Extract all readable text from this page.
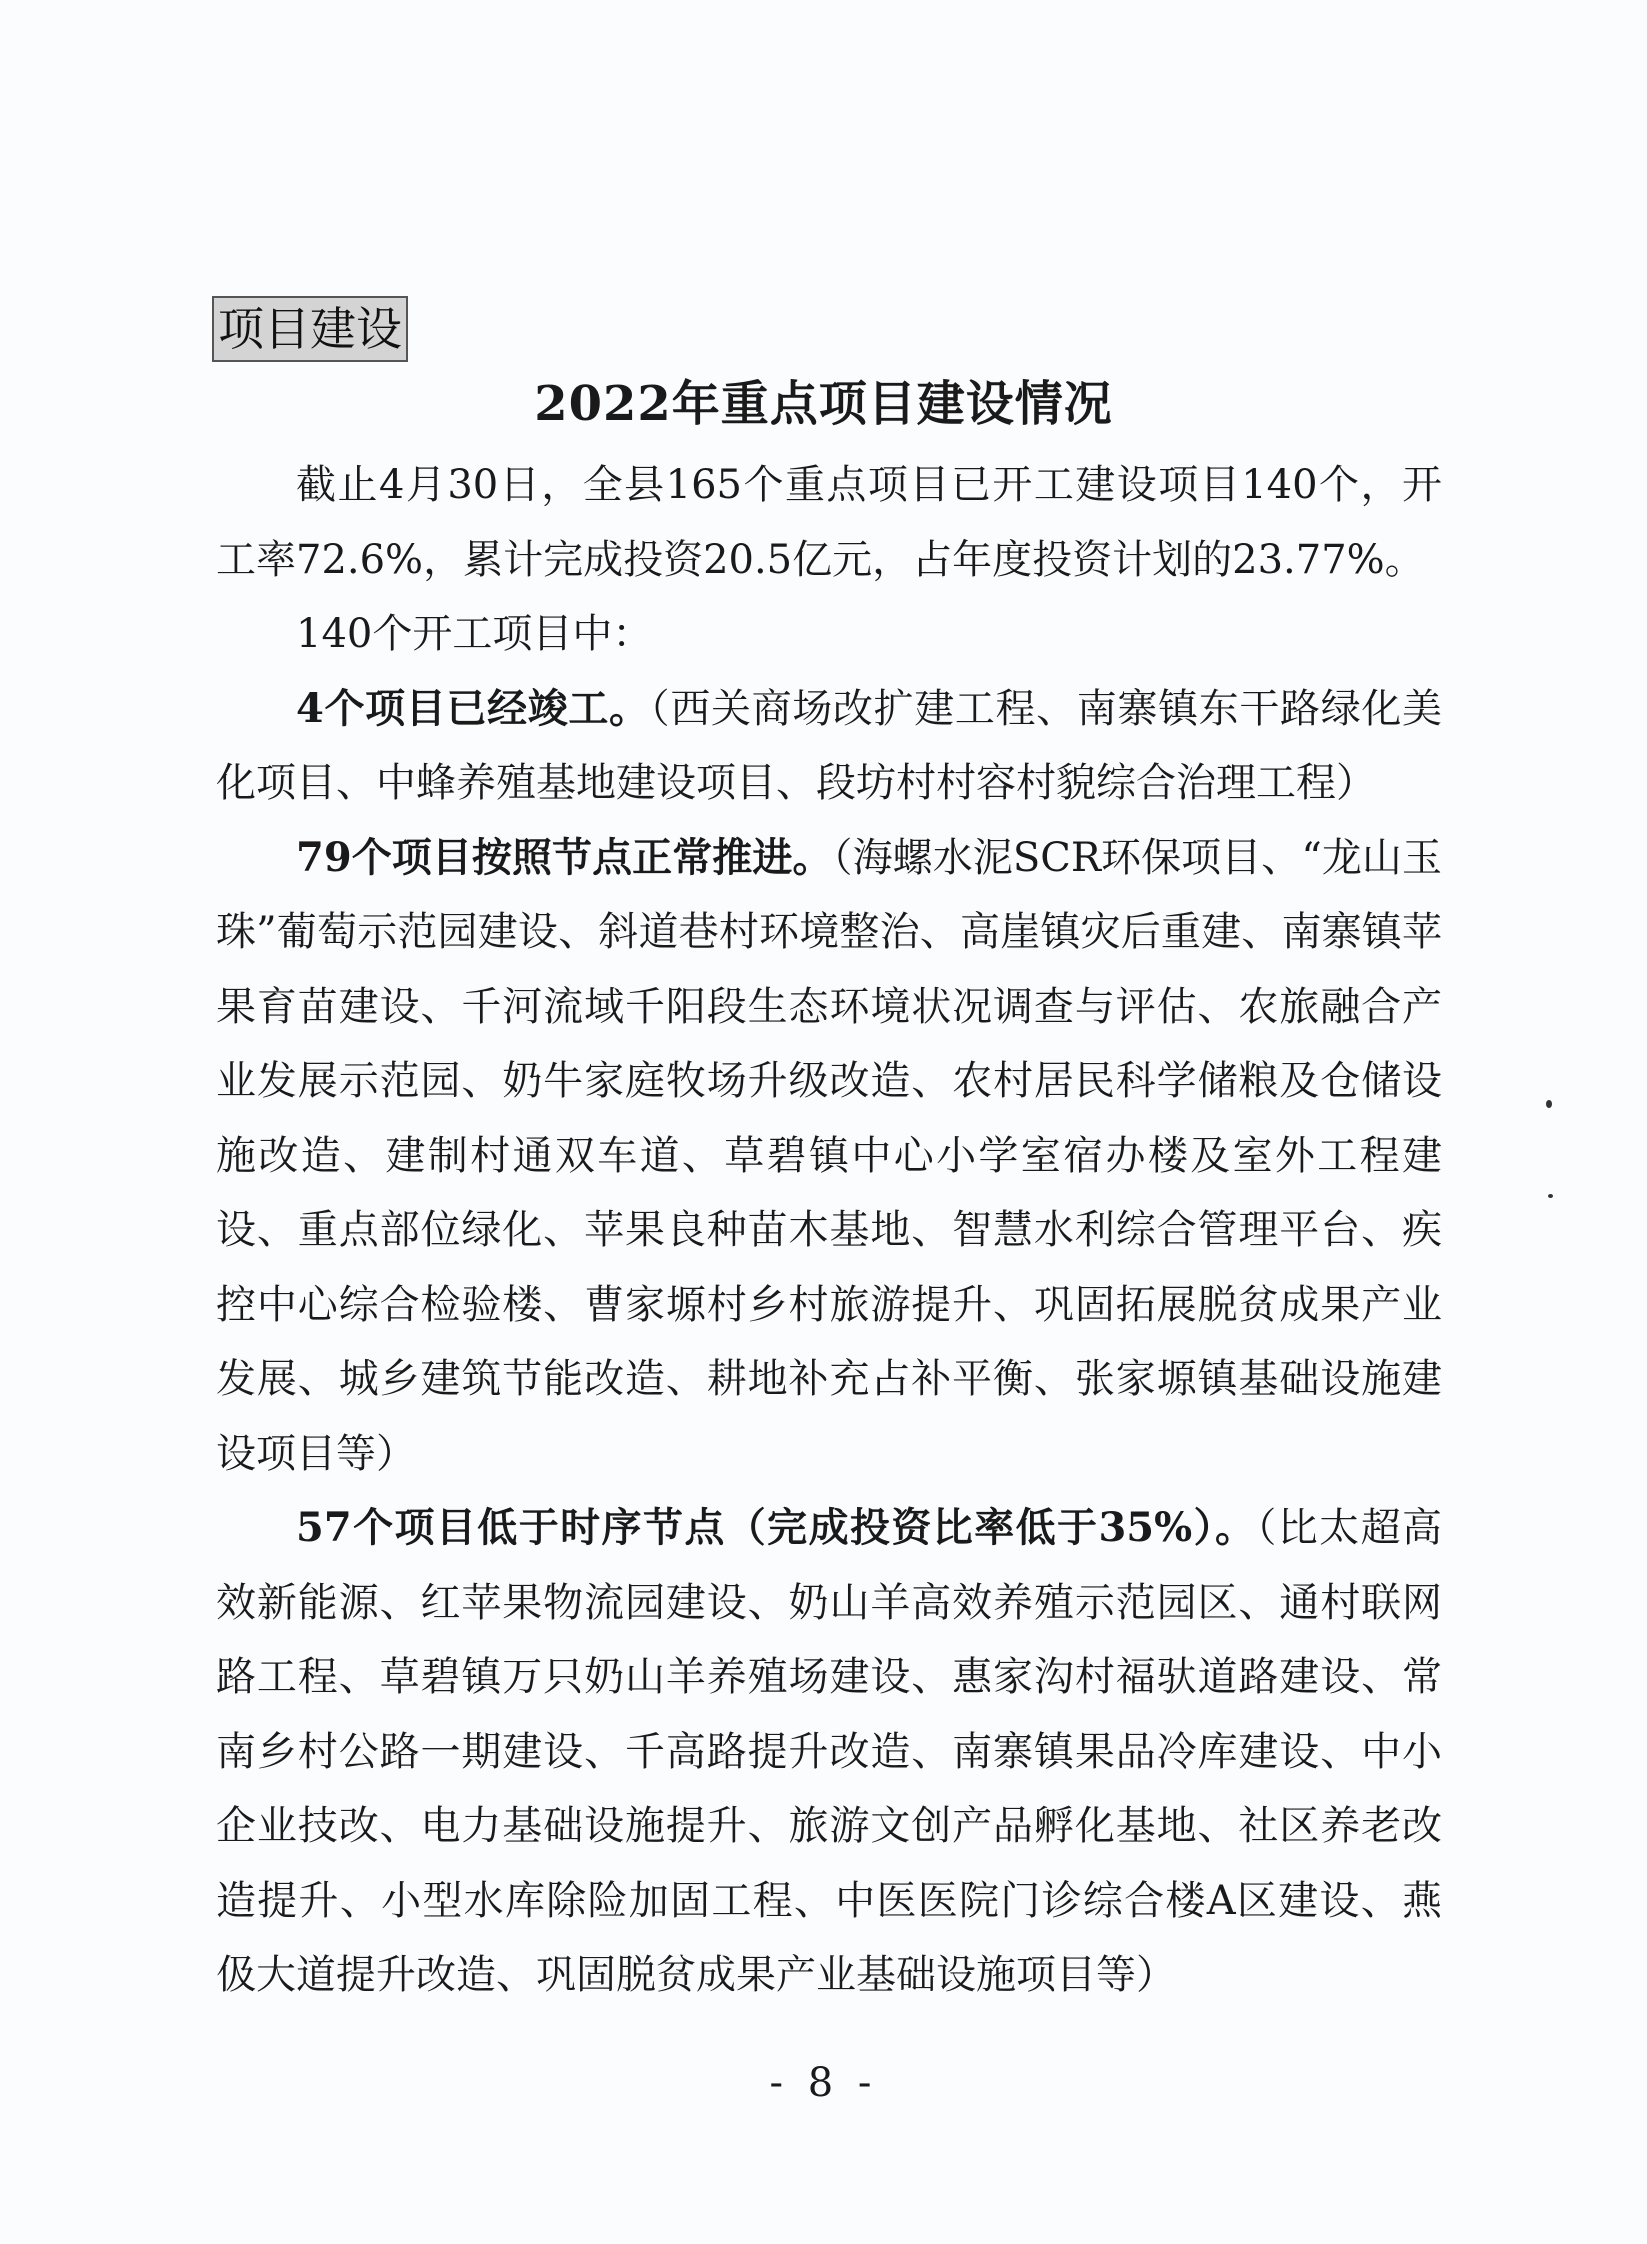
项目建设
2022年重点项目建设情况

截止4月30日，全县165个重点项目已开工建设项目140个，开工率72.6%，累计完成投资20.5亿元，占年度投资计划的23.77%。

140个开工项目中：

4个项目已经竣工。（西关商场改扩建工程、南寨镇东干路绿化美化项目、中蜂养殖基地建设项目、段坊村村容村貌综合治理工程）

79个项目按照节点正常推进。（海螺水泥SCR环保项目、“龙山玉珠”葡萄示范园建设、斜道巷村环境整治、高崖镇灾后重建、南寨镇苹果育苗建设、千河流域千阳段生态环境状况调查与评估、农旅融合产业发展示范园、奶牛家庭牧场升级改造、农村居民科学储粮及仓储设施改造、建制村通双车道、草碧镇中心小学室宿办楼及室外工程建设、重点部位绿化、苹果良种苗木基地、智慧水利综合管理平台、疾控中心综合检验楼、曹家塬村乡村旅游提升、巩固拓展脱贫成果产业发展、城乡建筑节能改造、耕地补充占补平衡、张家塬镇基础设施建设项目等）

57个项目低于时序节点（完成投资比率低于35%）。（比太超高效新能源、红苹果物流园建设、奶山羊高效养殖示范园区、通村联网路工程、草碧镇万只奶山羊养殖场建设、惠家沟村福驮道路建设、常南乡村公路一期建设、千高路提升改造、南寨镇果品冷库建设、中小企业技改、电力基础设施提升、旅游文创产品孵化基地、社区养老改造提升、小型水库除险加固工程、中医医院门诊综合楼A区建设、燕伋大道提升改造、巩固脱贫成果产业基础设施项目等）

- 8 -
